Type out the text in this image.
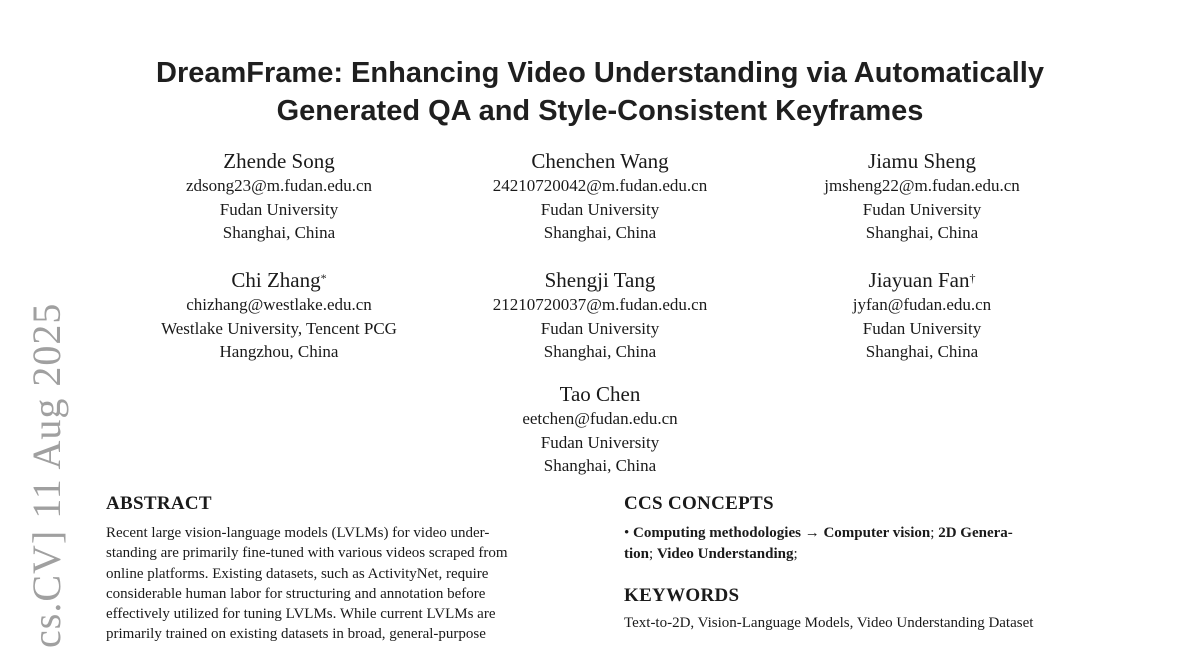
DreamFrame: Enhancing Video Understanding via Automatically
Generated QA and Style-Consistent Keyframes
Zhende Song
zdsong23@m.fudan.edu.cn
Fudan University
Shanghai, China
Chenchen Wang
24210720042@m.fudan.edu.cn
Fudan University
Shanghai, China
Jiamu Sheng
jmsheng22@m.fudan.edu.cn
Fudan University
Shanghai, China
Chi Zhang*
chizhang@westlake.edu.cn
Westlake University, Tencent PCG
Hangzhou, China
Shengji Tang
21210720037@m.fudan.edu.cn
Fudan University
Shanghai, China
Jiayuan Fan†
jyfan@fudan.edu.cn
Fudan University
Shanghai, China
Tao Chen
eetchen@fudan.edu.cn
Fudan University
Shanghai, China
cs.CV] 11 Aug 2025 ABSTRACT
Recent large vision-language models (LVLMs) for video under-
standing are primarily fine-tuned with various videos scraped from
online platforms. Existing datasets, such as ActivityNet, require
considerable human labor for structuring and annotation before
effectively utilized for tuning LVLMs. While current LVLMs are
primarily trained on existing datasets in broad, general-purpose
CCS CONCEPTS
• Computing methodologies → Computer vision; 2D Genera-
tion; Video Understanding;
KEYWORDS
Text-to-2D, Vision-Language Models, Video Understanding Dataset
